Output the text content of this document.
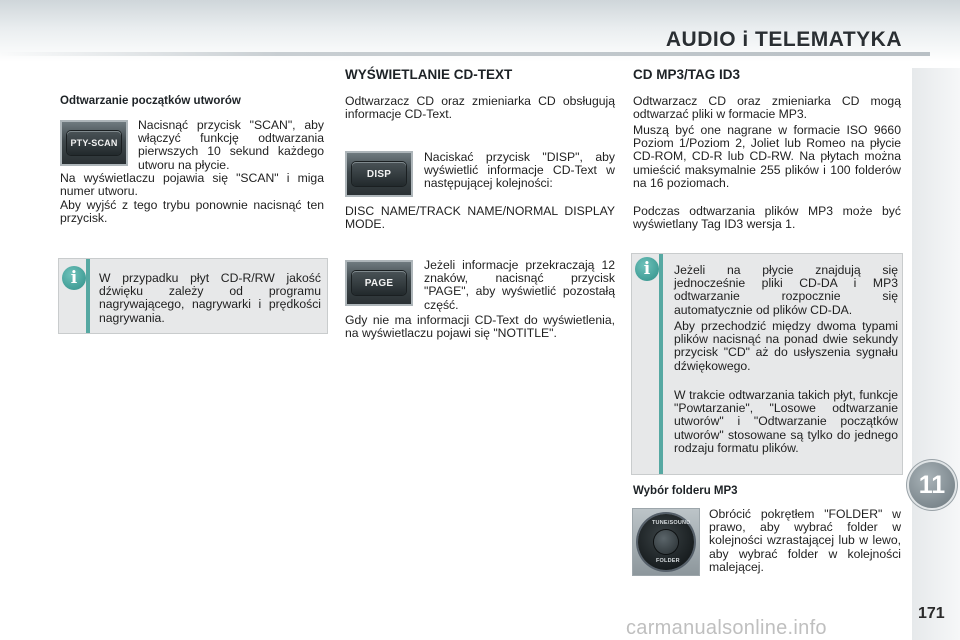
AUDIO i TELEMATYKA
11
171
carmanualsonline.info
Odtwarzanie początków utworów
PTY-SCAN

Nacisnąć przycisk "SCAN", aby włączyć funkcję odtwarzania pierwszych 10 sekund każdego utworu na płycie.

Na wyświetlaczu pojawia się "SCAN" i miga numer utworu.

Aby wyjść z tego trybu ponownie nacisnąć ten przycisk.

i	W przypadku płyt CD-R/RW jakość dźwięku zależy od programu nagrywającego, nagrywarki i prędkości nagrywania.

WYŚWIETLANIE CD-TEXT

Odtwarzacz CD oraz zmieniarka CD obsługują informacje CD-Text.

DISP

Naciskać przycisk "DISP", aby wyświetlić informacje CD-Text w następującej kolejności:

DISC NAME/TRACK NAME/NORMAL DISPLAY MODE.

PAGE

Jeżeli informacje przekraczają 12 znaków, nacisnąć przycisk "PAGE", aby wyświetlić pozostałą część.

Gdy nie ma informacji CD-Text do wyświetlenia, na wyświetlaczu pojawi się "NOTITLE".

CD MP3/TAG ID3

Odtwarzacz CD oraz zmieniarka CD mogą odtwarzać pliki w formacie MP3.

Muszą być one nagrane w formacie ISO 9660 Poziom 1/Poziom 2, Joliet lub Romeo na płycie CD-ROM, CD-R lub CD-RW. Na płytach można umieścić maksymalnie 255 plików i 100 folderów na 16 poziomach.

Podczas odtwarzania plików MP3 może być wyświetlany Tag ID3 wersja 1.

i	Jeżeli na płycie znajdują się jednocześnie pliki CD-DA i MP3 odtwarzanie rozpocznie się automatycznie od plików CD-DA.

Aby przechodzić między dwoma typami plików nacisnąć na ponad dwie sekundy przycisk "CD" aż do usłyszenia sygnału dźwiękowego.

W trakcie odtwarzania takich płyt, funkcje "Powtarzanie", "Losowe odtwarzanie utworów" i "Odtwarzanie początków utworów" stosowane są tylko do jednego rodzaju formatu plików.

Wybór folderu MP3
TUNE/SOUND
FOLDER

Obrócić pokrętłem "FOLDER" w prawo, aby wybrać folder w kolejności wzrastającej lub w lewo, aby wybrać folder w kolejności malejącej.
